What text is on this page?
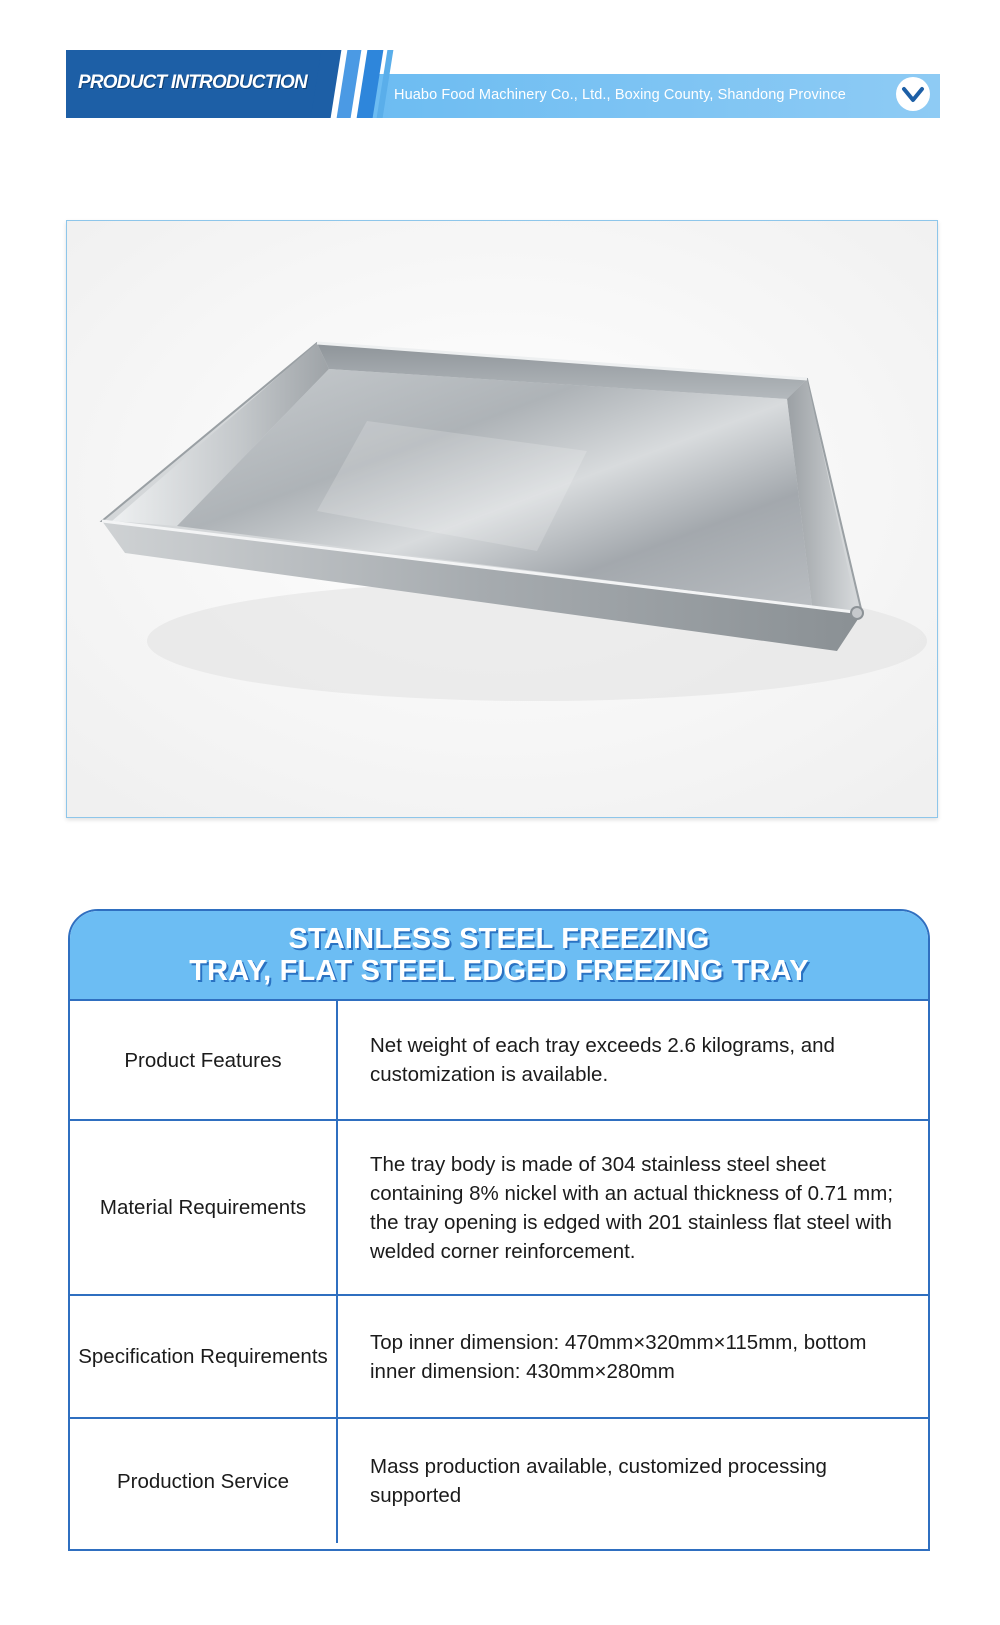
PRODUCT INTRODUCTION
Huabo Food Machinery Co., Ltd., Boxing County, Shandong Province
STAINLESS STEEL FREEZING
TRAY, FLAT STEEL EDGED FREEZING TRAY
Product Features	Net weight of each tray exceeds 2.6 kilograms, and customization is available.
Material Requirements	The tray body is made of 304 stainless steel sheet containing 8% nickel with an actual thickness of 0.71 mm; the tray opening is edged with 201 stainless flat steel with welded corner reinforcement.
Specification Requirements	Top inner dimension: 470mm×320mm×115mm, bottom inner dimension: 430mm×280mm
Production Service	Mass production available, customized processing supported
